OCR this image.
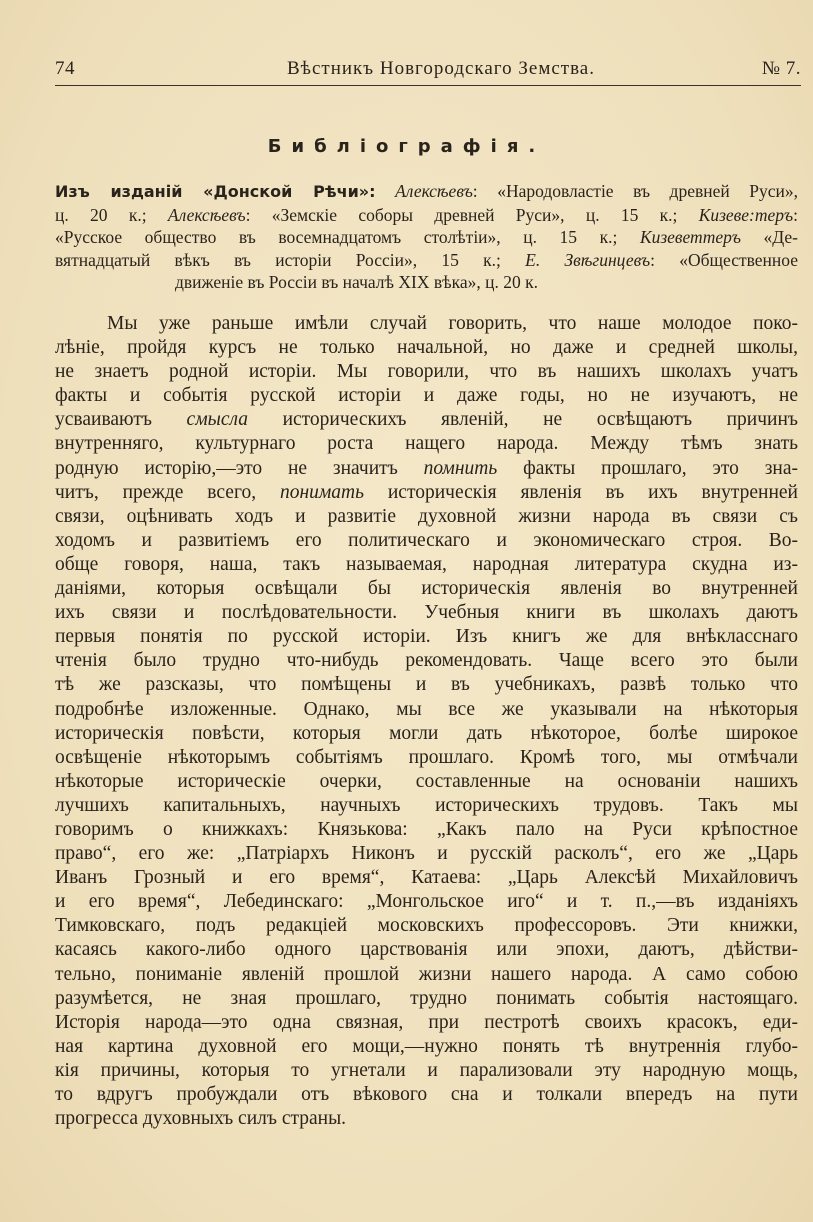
74	Вѣстникъ Новгородскаго Земства.	№ 7.
Библіографія.
Изъ изданій «Донской Рѣчи»: Алексѣевъ: «Народовластіе въ древней Руси»,
ц. 20 к.; Алексѣевъ: «Земскіе соборы древней Руси», ц. 15 к.; Кизеве:теръ:
«Русское общество въ восемнадцатомъ столѣтіи», ц. 15 к.; Кизеветтеръ «Де-
вятнадцатый вѣкъ въ исторіи Россіи», 15 к.; Е. Звѣгинцевъ: «Общественное
движеніе въ Россіи въ началѣ XIX вѣка», ц. 20 к.
Мы уже раньше имѣли случай говорить, что наше молодое поко-
лѣніе, пройдя курсъ не только начальной, но даже и средней школы,
не знаетъ родной исторіи. Мы говорили, что въ нашихъ школахъ учатъ
факты и событія русской исторіи и даже годы, но не изучаютъ, не
усваиваютъ смысла историческихъ явленій, не освѣщаютъ причинъ
внутренняго, культурнаго роста нащего народа. Между тѣмъ знать
родную исторію,—это не значитъ помнить факты прошлаго, это зна-
читъ, прежде всего, понимать историческія явленія въ ихъ внутренней
связи, оцѣнивать ходъ и развитіе духовной жизни народа въ связи съ
ходомъ и развитіемъ его политическаго и экономическаго строя. Во-
обще говоря, наша, такъ называемая, народная литература скудна из-
даніями, которыя освѣщали бы историческія явленія во внутренней
ихъ связи и послѣдовательности. Учебныя книги въ школахъ даютъ
первыя понятія по русской исторіи. Изъ книгъ же для внѣкласснаго
чтенія было трудно что-нибудь рекомендовать. Чаще всего это были
тѣ же разсказы, что помѣщены и въ учебникахъ, развѣ только что
подробнѣе изложенные. Однако, мы все же указывали на нѣкоторыя
историческія повѣсти, которыя могли дать нѣкоторое, болѣе широкое
освѣщеніе нѣкоторымъ событіямъ прошлаго. Кромѣ того, мы отмѣчали
нѣкоторые историческіе очерки, составленные на основаніи нашихъ
лучшихъ капитальныхъ, научныхъ историческихъ трудовъ. Такъ мы
говоримъ о книжкахъ: Князькова: „Какъ пало на Руси крѣпостное
право“, его же: „Патріархъ Никонъ и русскій расколъ“, его же „Царь
Иванъ Грозный и его время“, Катаева: „Царь Алексѣй Михайловичъ
и его время“, Лебединскаго: „Монгольское иго“ и т. п.,—въ изданіяхъ
Тимковскаго, подъ редакціей московскихъ профессоровъ. Эти книжки,
касаясь какого-либо одного царствованія или эпохи, даютъ, дѣйстви-
тельно, пониманіе явленій прошлой жизни нашего народа. А само собою
разумѣется, не зная прошлаго, трудно понимать событія настоящаго.
Исторія народа—это одна связная, при пестротѣ своихъ красокъ, еди-
ная картина духовной его мощи,—нужно понять тѣ внутреннія глубо-
кія причины, которыя то угнетали и парализовали эту народную мощь,
то вдругъ пробуждали отъ вѣкового сна и толкали впередъ на пути
прогресса духовныхъ силъ страны.
